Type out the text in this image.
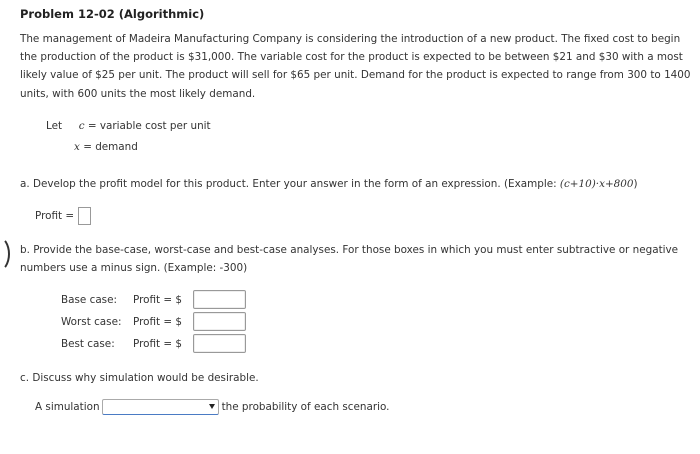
Problem 12-02 (Algorithmic)
The management of Madeira Manufacturing Company is considering the introduction of a new product. The fixed cost to begin the production of the product is $31,000. The variable cost for the product is expected to be between $21 and $30 with a most likely value of $25 per unit. The product will sell for $65 per unit. Demand for the product is expected to range from 300 to 1400 units, with 600 units the most likely demand.
Let c = variable cost per unit
x = demand
a. Develop the profit model for this product. Enter your answer in the form of an expression. (Example: (c+10)·x+800)
Profit =
b. Provide the base-case, worst-case and best-case analyses. For those boxes in which you must enter subtractive or negative numbers use a minus sign. (Example: -300)
Base case:	Profit = $
Worst case:	Profit = $
Best case:	Profit = $
c. Discuss why simulation would be desirable.
A simulation	the probability of each scenario.
